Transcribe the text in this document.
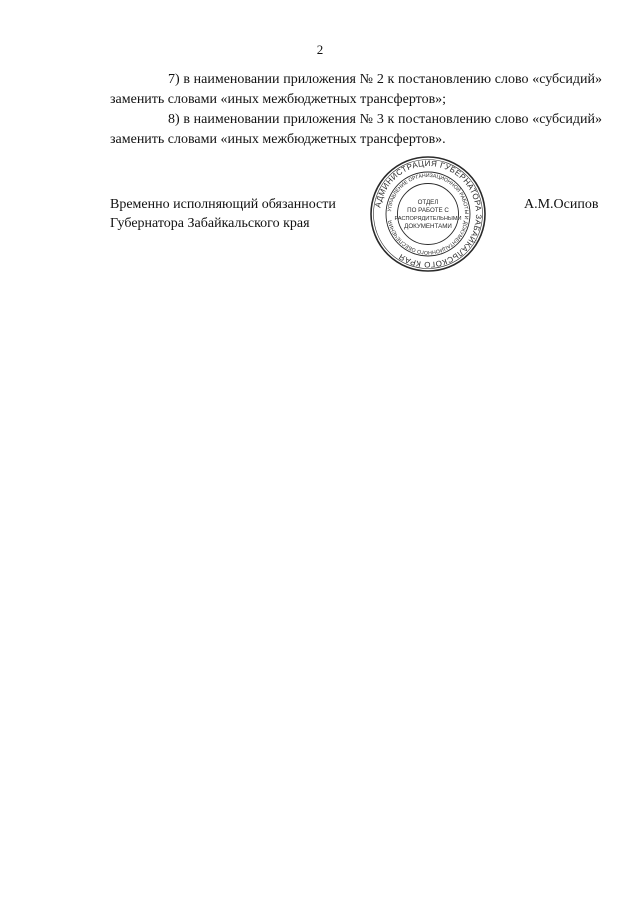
2

7) в наименовании приложения № 2 к постановлению слово «субсидий» заменить словами «иных межбюджетных трансфертов»;

8) в наименовании приложения № 3 к постановлению слово «субсидий» заменить словами «иных межбюджетных трансфертов».

Временно исполняющий обязанности
Губернатора Забайкальского края
А.М.Осипов
АДМИНИСТРАЦИЯ ГУБЕРНАТОРА ЗАБАЙКАЛЬСКОГО КРАЯ
УПРАВЛЕНИЕ ОРГАНИЗАЦИОННОЙ РАБОТЫ И ДОКУМЕНТАЦИОННОГО ОБЕСПЕЧЕНИЯ
ОТДЕЛ
ПО РАБОТЕ С
РАСПОРЯДИТЕЛЬНЫМИ
ДОКУМЕНТАМИ
